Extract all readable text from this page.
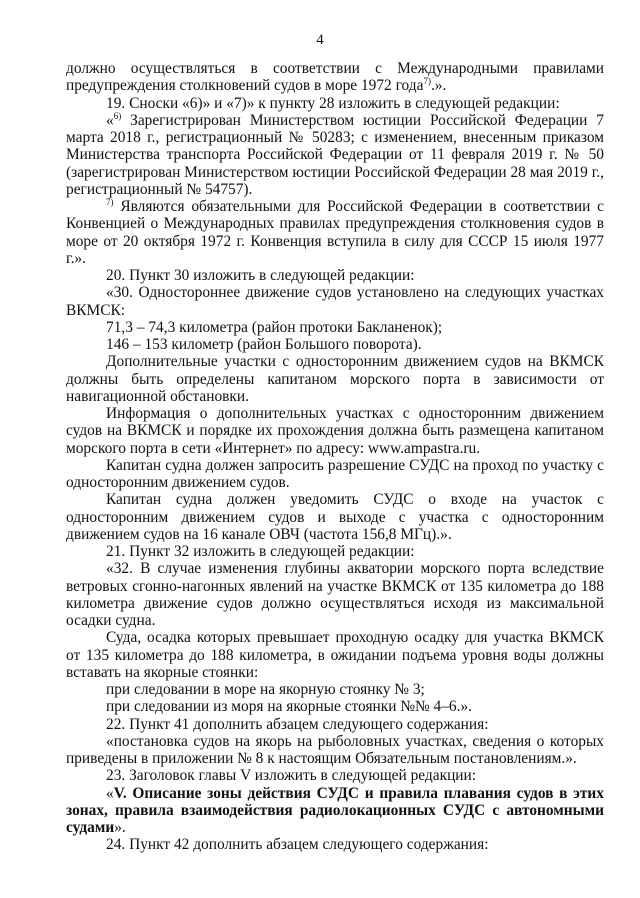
4

должно осуществляться в соответствии с Международными правилами предупреждения столкновений судов в море 1972 года$^{7)}$.».

19. Сноски «6)» и «7)» к пункту 28 изложить в следующей редакции:

«$^{6)}$ Зарегистрирован Министерством юстиции Российской Федерации 7 марта 2018 г., регистрационный № 50283; с изменением, внесенным приказом Министерства транспорта Российской Федерации от 11 февраля 2019 г. № 50 (зарегистрирован Министерством юстиции Российской Федерации 28 мая 2019 г., регистрационный № 54757).

$^{7)}$ Являются обязательными для Российской Федерации в соответствии с Конвенцией о Международных правилах предупреждения столкновения судов в море от 20 октября 1972 г. Конвенция вступила в силу для СССР 15 июля 1977 г.».

20. Пункт 30 изложить в следующей редакции:

«30. Одностороннее движение судов установлено на следующих участках ВКМСК:

71,3 – 74,3 километра (район протоки Бакланенок);

146 – 153 километр (район Большого поворота).

Дополнительные участки с односторонним движением судов на ВКМСК должны быть определены капитаном морского порта в зависимости от навигационной обстановки.

Информация о дополнительных участках с односторонним движением судов на ВКМСК и порядке их прохождения должна быть размещена капитаном морского порта в сети «Интернет» по адресу: www.ampastra.ru.

Капитан судна должен запросить разрешение СУДС на проход по участку с односторонним движением судов.

Капитан судна должен уведомить СУДС о входе на участок с односторонним движением судов и выходе с участка с односторонним движением судов на 16 канале ОВЧ (частота 156,8 МГц).».

21. Пункт 32 изложить в следующей редакции:

«32. В случае изменения глубины акватории морского порта вследствие ветровых сгонно-нагонных явлений на участке ВКМСК от 135 километра до 188 километра движение судов должно осуществляться исходя из максимальной осадки судна.

Суда, осадка которых превышает проходную осадку для участка ВКМСК от 135 километра до 188 километра, в ожидании подъема уровня воды должны вставать на якорные стоянки:

при следовании в море на якорную стоянку № 3;

при следовании из моря на якорные стоянки №№ 4–6.».

22. Пункт 41 дополнить абзацем следующего содержания:

«постановка судов на якорь на рыболовных участках, сведения о которых приведены в приложении № 8 к настоящим Обязательным постановлениям.».

23. Заголовок главы V изложить в следующей редакции:

«V. Описание зоны действия СУДС и правила плавания судов в этих зонах, правила взаимодействия радиолокационных СУДС с автономными судами».

24. Пункт 42 дополнить абзацем следующего содержания:
